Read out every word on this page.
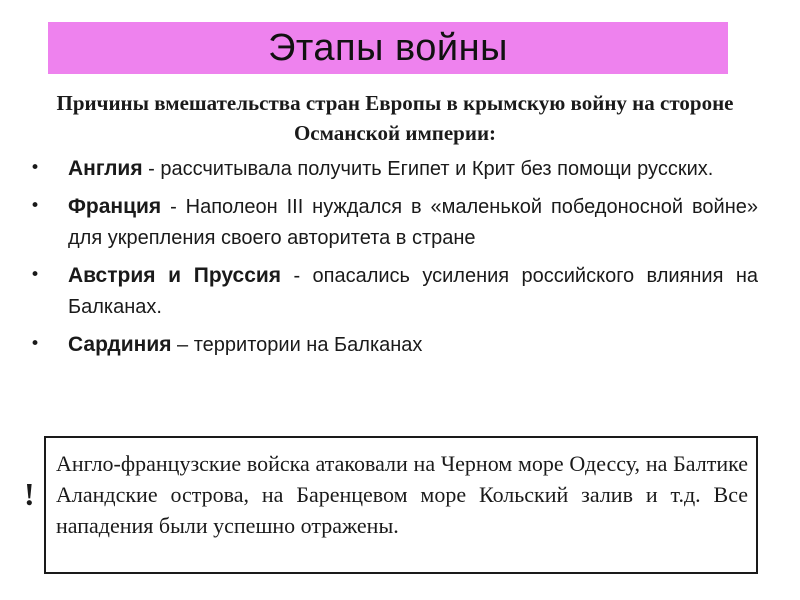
Этапы войны
Причины вмешательства стран Европы в крымскую войну на стороне Османской империи:
• Англия - рассчитывала получить Египет и Крит без помощи русских.
• Франция - Наполеон III нуждался в «маленькой победоносной войне» для укрепления своего авторитета в стране
• Австрия и Пруссия - опасались усиления российского влияния на Балканах.
• Сардиния – территории на Балканах
!
Англо-французские войска атаковали на Черном море Одессу, на Балтике Аландские острова, на Баренцевом море Кольский залив и т.д. Все нападения были успешно отражены.
